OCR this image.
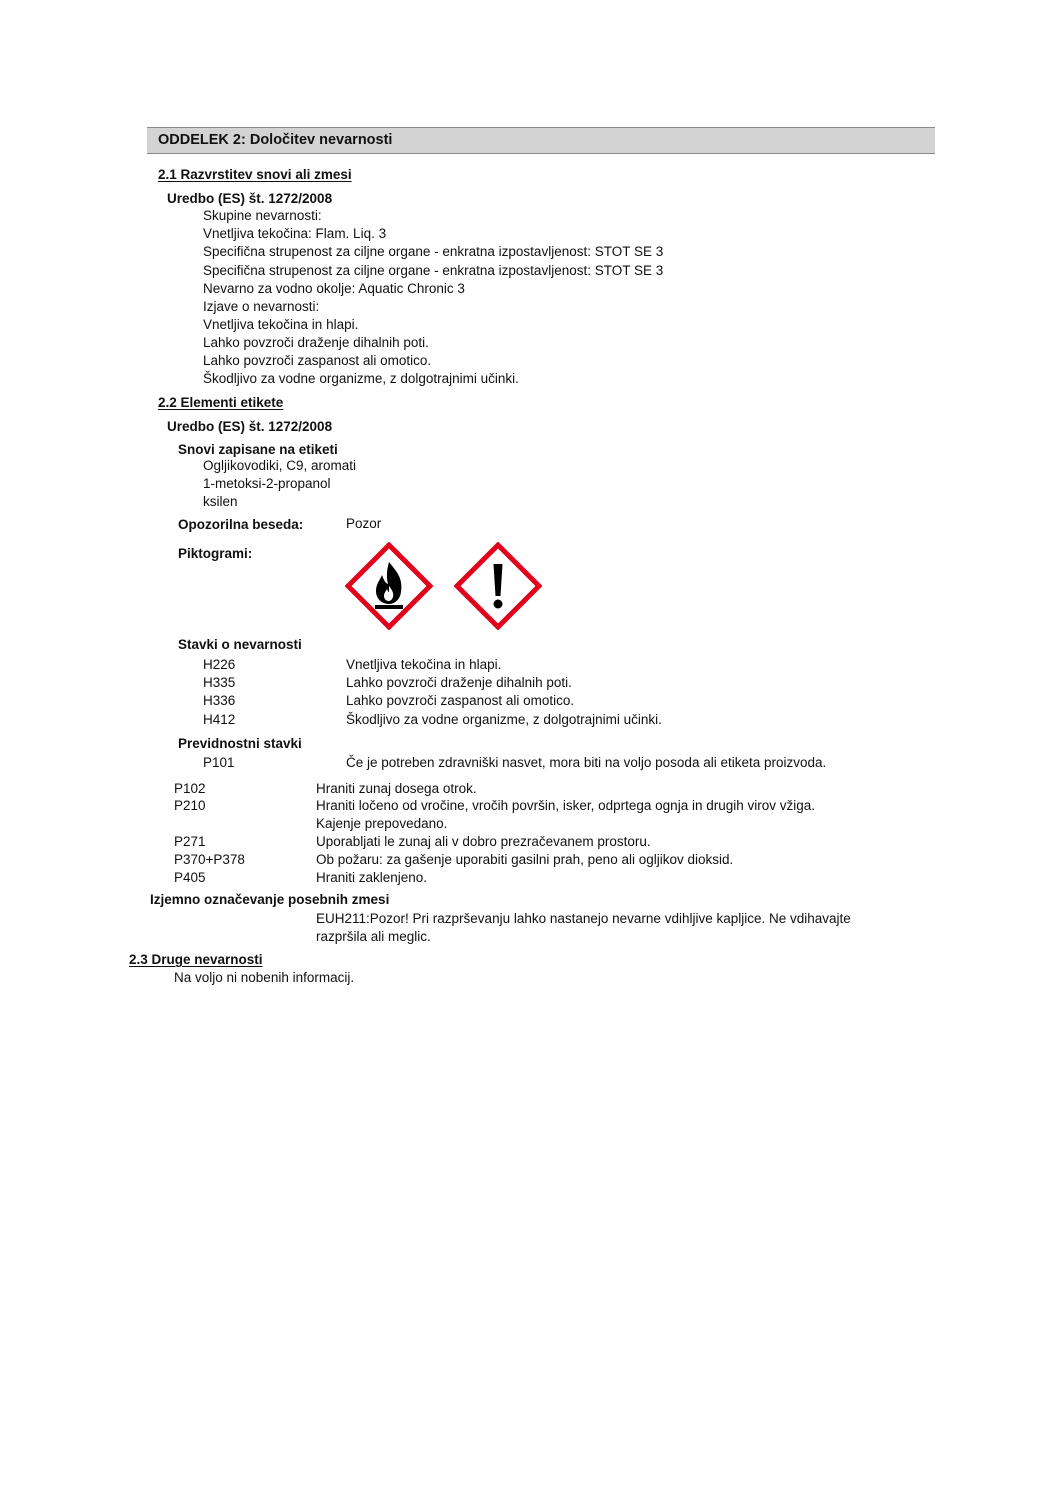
ODDELEK 2: Določitev nevarnosti
2.1 Razvrstitev snovi ali zmesi
Uredbo (ES) št. 1272/2008
Skupine nevarnosti:
Vnetljiva tekočina: Flam. Liq. 3
Specifična strupenost za ciljne organe - enkratna izpostavljenost: STOT SE 3
Specifična strupenost za ciljne organe - enkratna izpostavljenost: STOT SE 3
Nevarno za vodno okolje: Aquatic Chronic 3
Izjave o nevarnosti:
Vnetljiva tekočina in hlapi.
Lahko povzroči draženje dihalnih poti.
Lahko povzroči zaspanost ali omotico.
Škodljivo za vodne organizme, z dolgotrajnimi učinki.
2.2 Elementi etikete
Uredbo (ES) št. 1272/2008
Snovi zapisane na etiketi
Ogljikovodiki, C9, aromati
1-metoksi-2-propanol
ksilen
Opozorilna beseda:	Pozor
Piktogrami:
Stavki o nevarnosti
H226	Vnetljiva tekočina in hlapi.
H335	Lahko povzroči draženje dihalnih poti.
H336	Lahko povzroči zaspanost ali omotico.
H412	Škodljivo za vodne organizme, z dolgotrajnimi učinki.
Previdnostni stavki
P101	Če je potreben zdravniški nasvet, mora biti na voljo posoda ali etiketa proizvoda.
P102	Hraniti zunaj dosega otrok.
P210	Hraniti ločeno od vročine, vročih površin, isker, odprtega ognja in drugih virov vžiga.
Kajenje prepovedano.
P271	Uporabljati le zunaj ali v dobro prezračevanem prostoru.
P370+P378	Ob požaru: za gašenje uporabiti gasilni prah, peno ali ogljikov dioksid.
P405	Hraniti zaklenjeno.
Izjemno označevanje posebnih zmesi
EUH211:Pozor! Pri razprševanju lahko nastanejo nevarne vdihljive kapljice. Ne vdihavajte
razpršila ali meglic.
2.3 Druge nevarnosti
Na voljo ni nobenih informacij.
